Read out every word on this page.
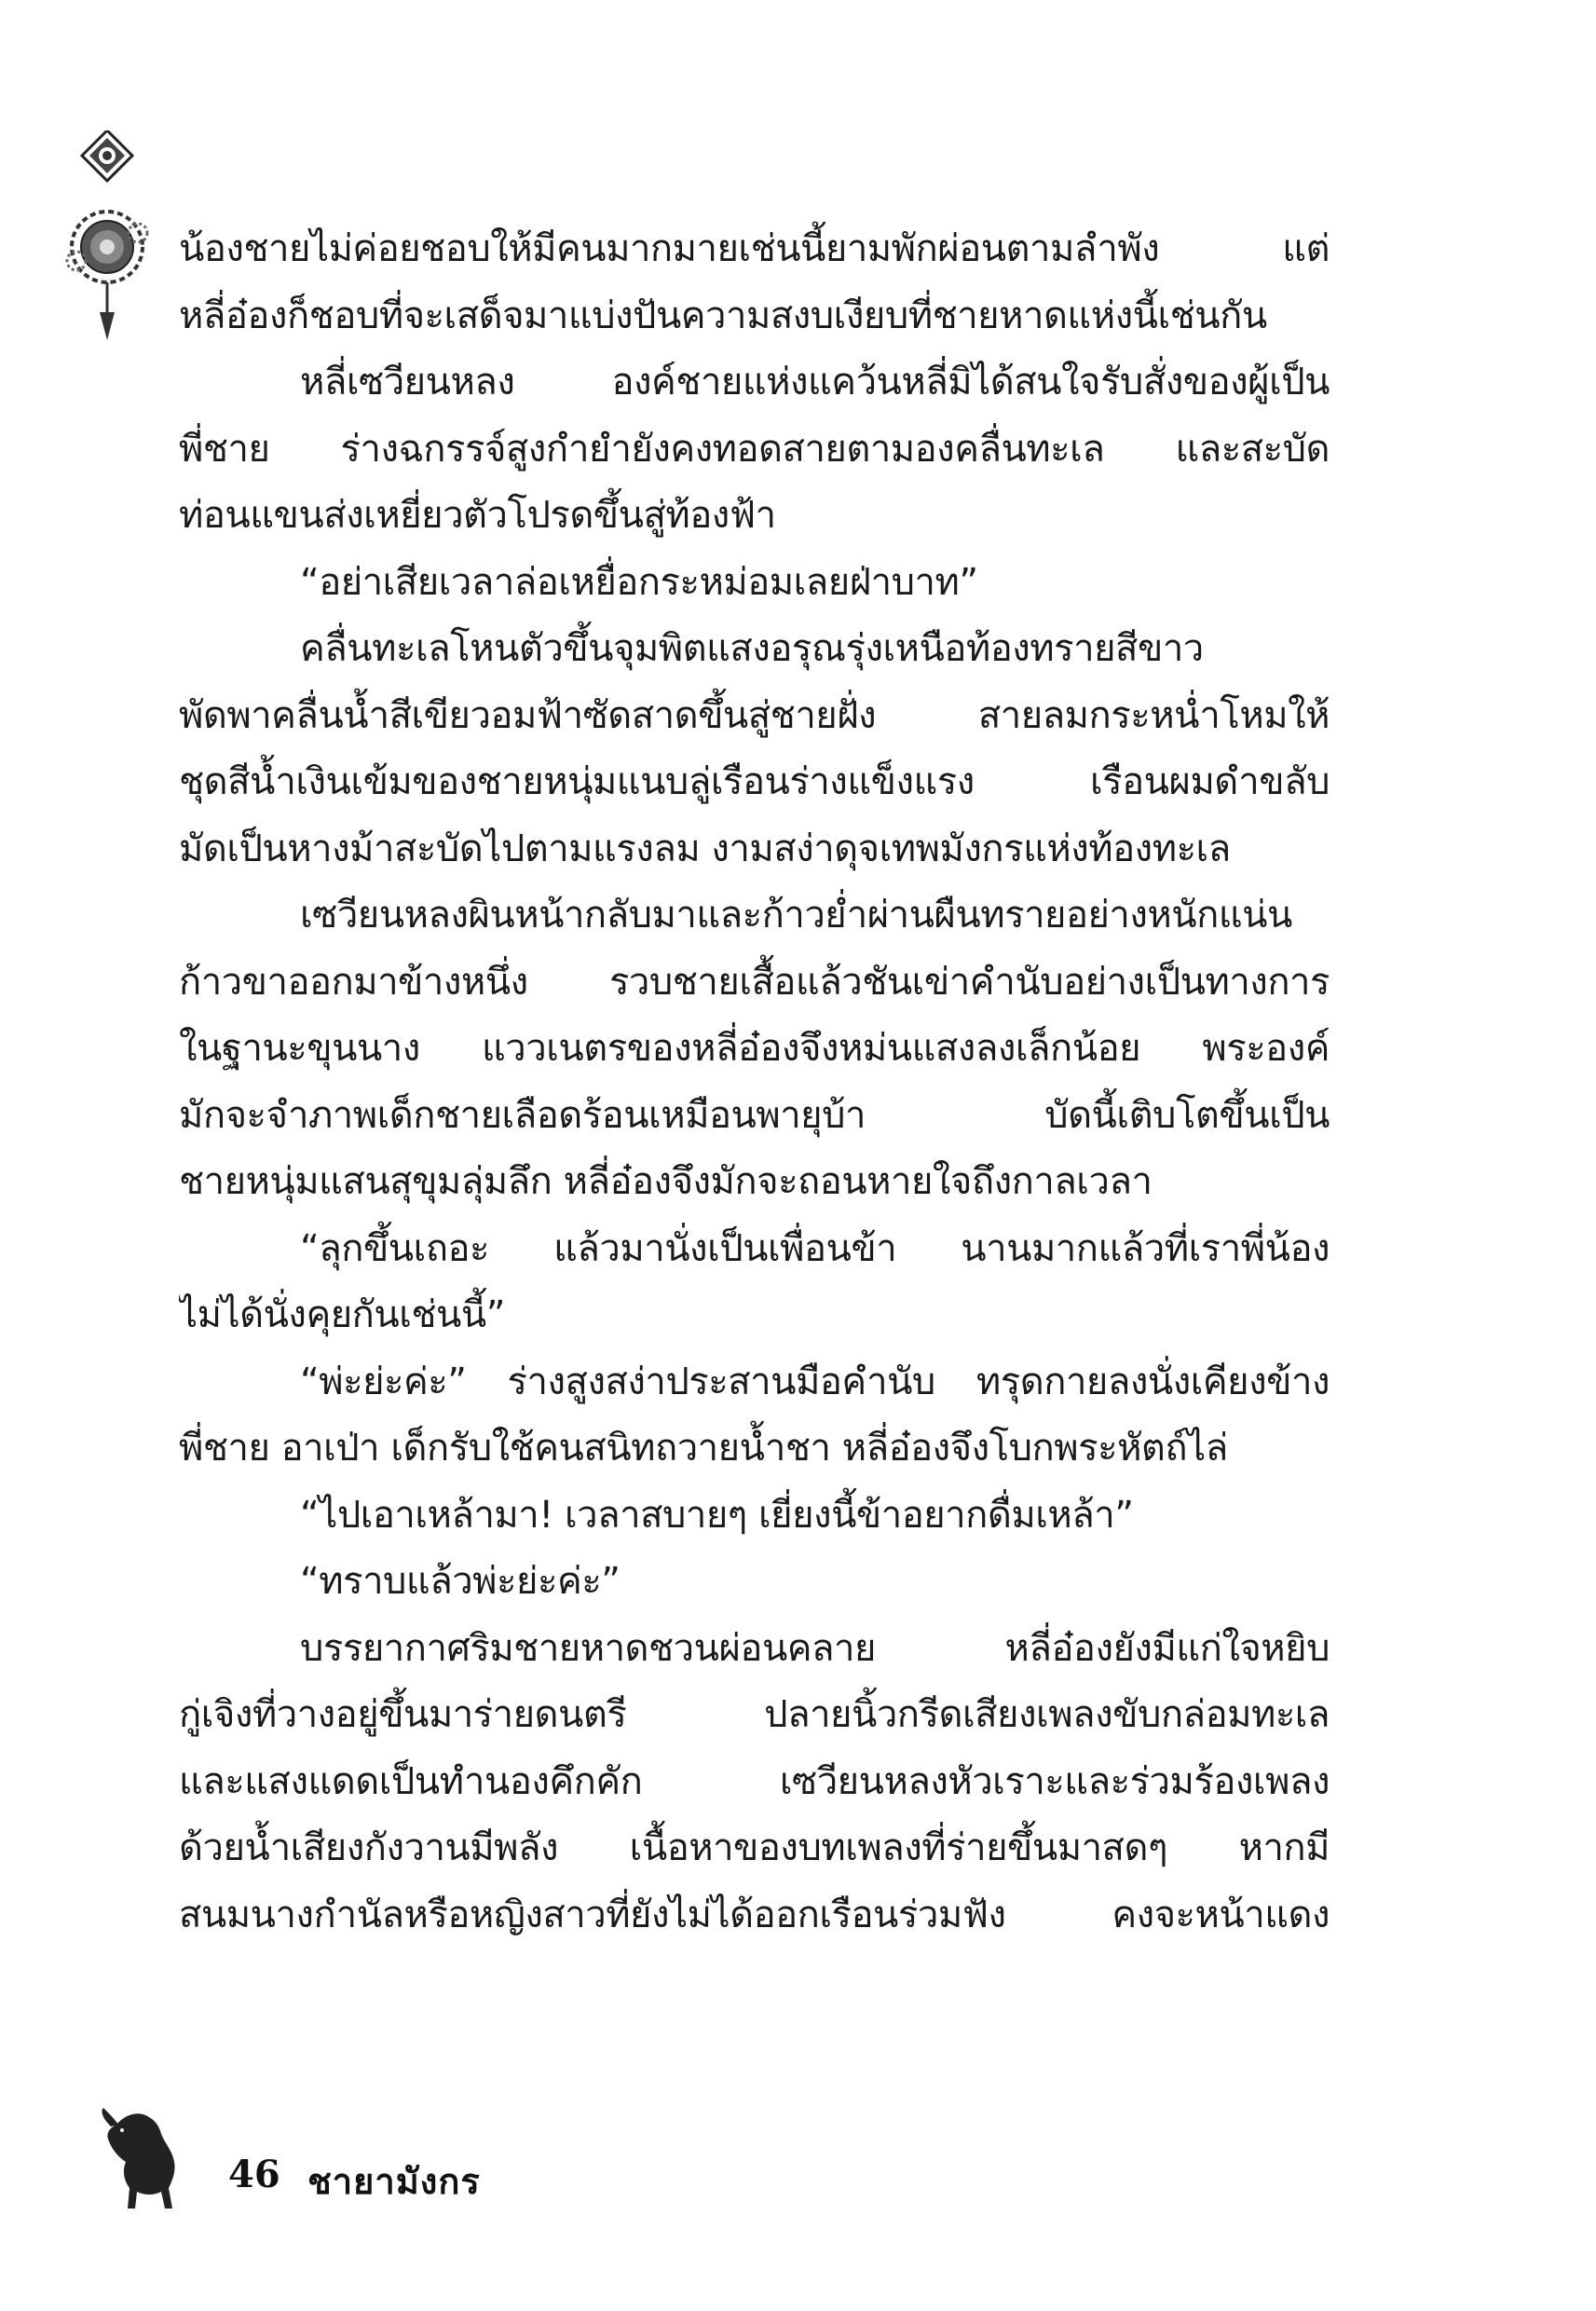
น้องชายไม่ค่อยชอบให้มีคนมากมายเช่นนี้ยามพักผ่อนตามลำพัง แต่
หลี่อ๋องก็ชอบที่จะเสด็จมาแบ่งปันความสงบเงียบที่ชายหาดแห่งนี้เช่นกัน
หลี่เซวียนหลง องค์ชายแห่งแคว้นหลี่มิได้สนใจรับสั่งของผู้เป็น
พี่ชาย ร่างฉกรรจ์สูงกำยำยังคงทอดสายตามองคลื่นทะเล และสะบัด
ท่อนแขนส่งเหยี่ยวตัวโปรดขึ้นสู่ท้องฟ้า
“อย่าเสียเวลาล่อเหยื่อกระหม่อมเลยฝ่าบาท”
คลื่นทะเลโหนตัวขึ้นจุมพิตแสงอรุณรุ่งเหนือท้องทรายสีขาว
พัดพาคลื่นน้ำสีเขียวอมฟ้าซัดสาดขึ้นสู่ชายฝั่ง สายลมกระหน่ำโหมให้
ชุดสีน้ำเงินเข้มของชายหนุ่มแนบลู่เรือนร่างแข็งแรง เรือนผมดำขลับ
มัดเป็นหางม้าสะบัดไปตามแรงลม งามสง่าดุจเทพมังกรแห่งท้องทะเล
เซวียนหลงผินหน้ากลับมาและก้าวย่ำผ่านผืนทรายอย่างหนักแน่น
ก้าวขาออกมาข้างหนึ่ง รวบชายเสื้อแล้วชันเข่าคำนับอย่างเป็นทางการ
ในฐานะขุนนาง แววเนตรของหลี่อ๋องจึงหม่นแสงลงเล็กน้อย พระองค์
มักจะจำภาพเด็กชายเลือดร้อนเหมือนพายุบ้า บัดนี้เติบโตขึ้นเป็น
ชายหนุ่มแสนสุขุมลุ่มลึก หลี่อ๋องจึงมักจะถอนหายใจถึงกาลเวลา
“ลุกขึ้นเถอะ แล้วมานั่งเป็นเพื่อนข้า นานมากแล้วที่เราพี่น้อง
ไม่ได้นั่งคุยกันเช่นนี้”
“พ่ะย่ะค่ะ” ร่างสูงสง่าประสานมือคำนับ ทรุดกายลงนั่งเคียงข้าง
พี่ชาย อาเป่า เด็กรับใช้คนสนิทถวายน้ำชา หลี่อ๋องจึงโบกพระหัตถ์ไล่
“ไปเอาเหล้ามา! เวลาสบายๆ เยี่ยงนี้ข้าอยากดื่มเหล้า”
“ทราบแล้วพ่ะย่ะค่ะ”
บรรยากาศริมชายหาดชวนผ่อนคลาย หลี่อ๋องยังมีแก่ใจหยิบ
กู่เจิงที่วางอยู่ขึ้นมาร่ายดนตรี ปลายนิ้วกรีดเสียงเพลงขับกล่อมทะเล
และแสงแดดเป็นทำนองคึกคัก เซวียนหลงหัวเราะและร่วมร้องเพลง
ด้วยน้ำเสียงกังวานมีพลัง เนื้อหาของบทเพลงที่ร่ายขึ้นมาสดๆ หากมี
สนมนางกำนัลหรือหญิงสาวที่ยังไม่ได้ออกเรือนร่วมฟัง คงจะหน้าแดง
46 ชายามังกร
